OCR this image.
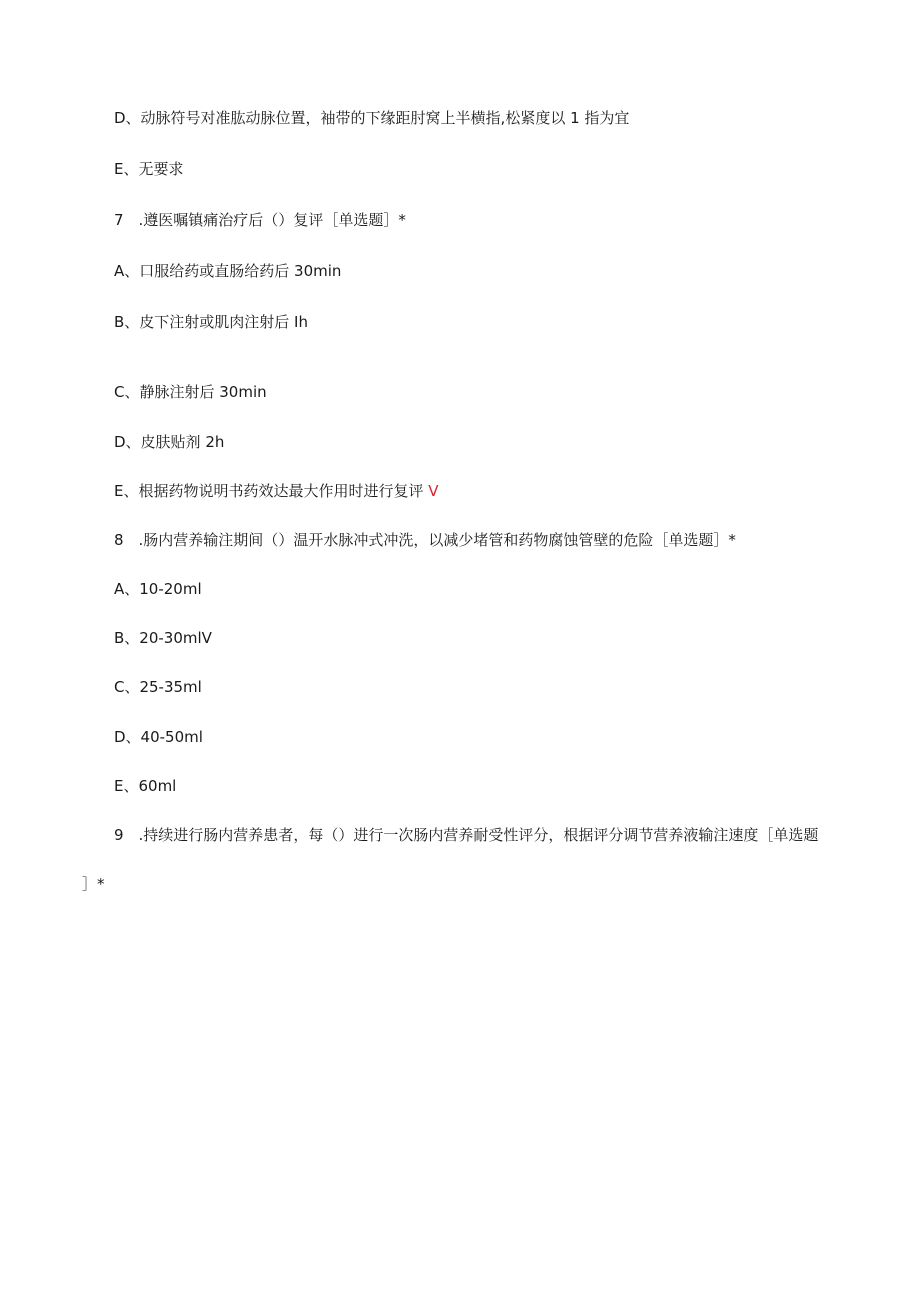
D、动脉符号对准肱动脉位置，袖带的下缘距肘窝上半横指,松紧度以 1 指为宜
E、无要求
7　.遵医嘱镇痛治疗后（）复评［单选题］*
A、口服给药或直肠给药后 30min
B、皮下注射或肌肉注射后 Ih
C、静脉注射后 30min
D、皮肤贴剂 2h
E、根据药物说明书药效达最大作用时进行复评 V
8　.肠内营养输注期间（）温开水脉冲式冲洗，以减少堵管和药物腐蚀管壁的危险［单选题］*
A、10-20ml
B、20-30mlV
C、25-35ml
D、40-50ml
E、60ml
9　.持续进行肠内营养患者，每（）进行一次肠内营养耐受性评分，根据评分调节营养液输注速度［单选题
］*
